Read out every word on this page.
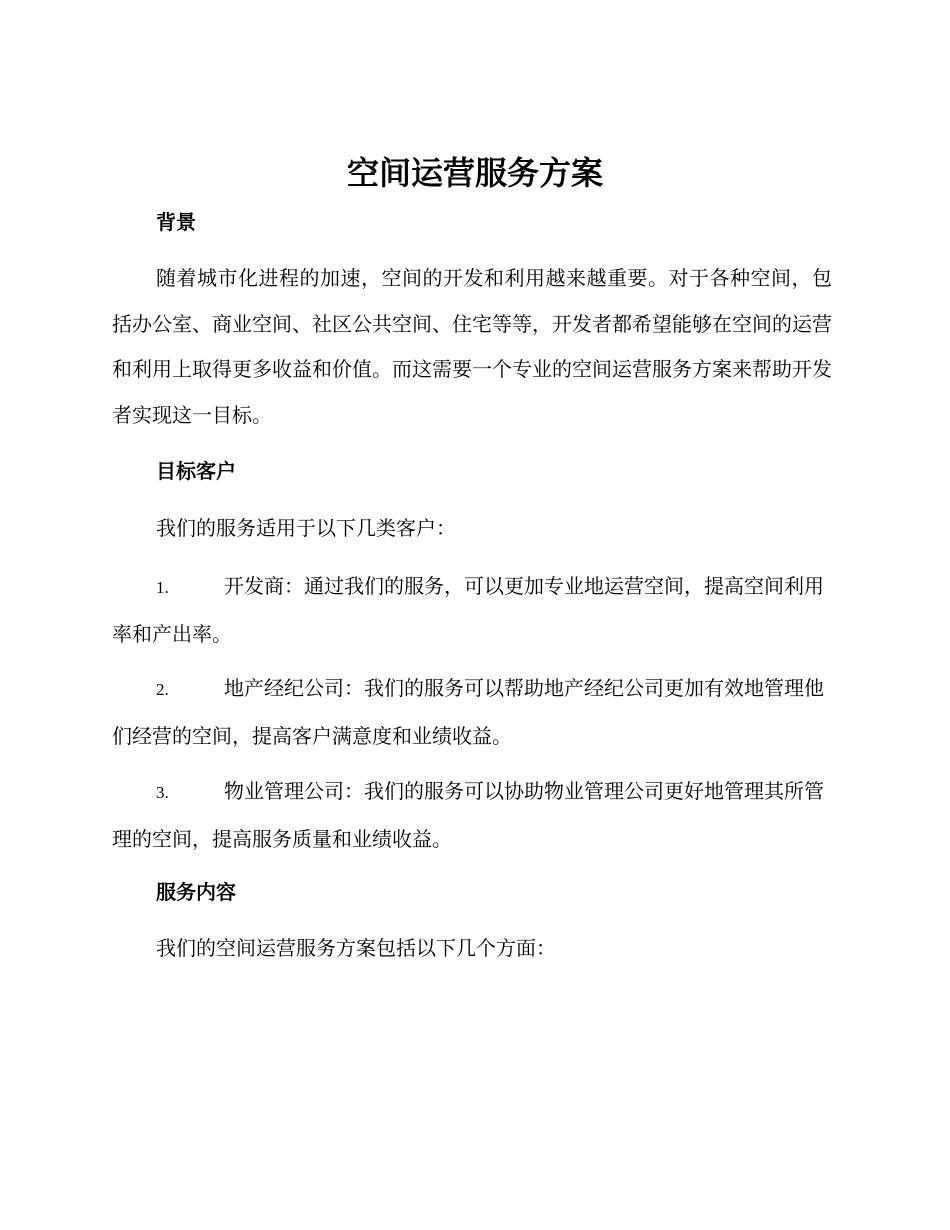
空间运营服务方案
背景

随着城市化进程的加速，空间的开发和利用越来越重要。对于各种空间，包括办公室、商业空间、社区公共空间、住宅等等，开发者都希望能够在空间的运营和利用上取得更多收益和价值。而这需要一个专业的空间运营服务方案来帮助开发者实现这一目标。

目标客户

我们的服务适用于以下几类客户：

1.	开发商：通过我们的服务，可以更加专业地运营空间，提高空间利用率和产出率。

2.	地产经纪公司：我们的服务可以帮助地产经纪公司更加有效地管理他们经营的空间，提高客户满意度和业绩收益。

3.	物业管理公司：我们的服务可以协助物业管理公司更好地管理其所管理的空间，提高服务质量和业绩收益。

服务内容

我们的空间运营服务方案包括以下几个方面：
